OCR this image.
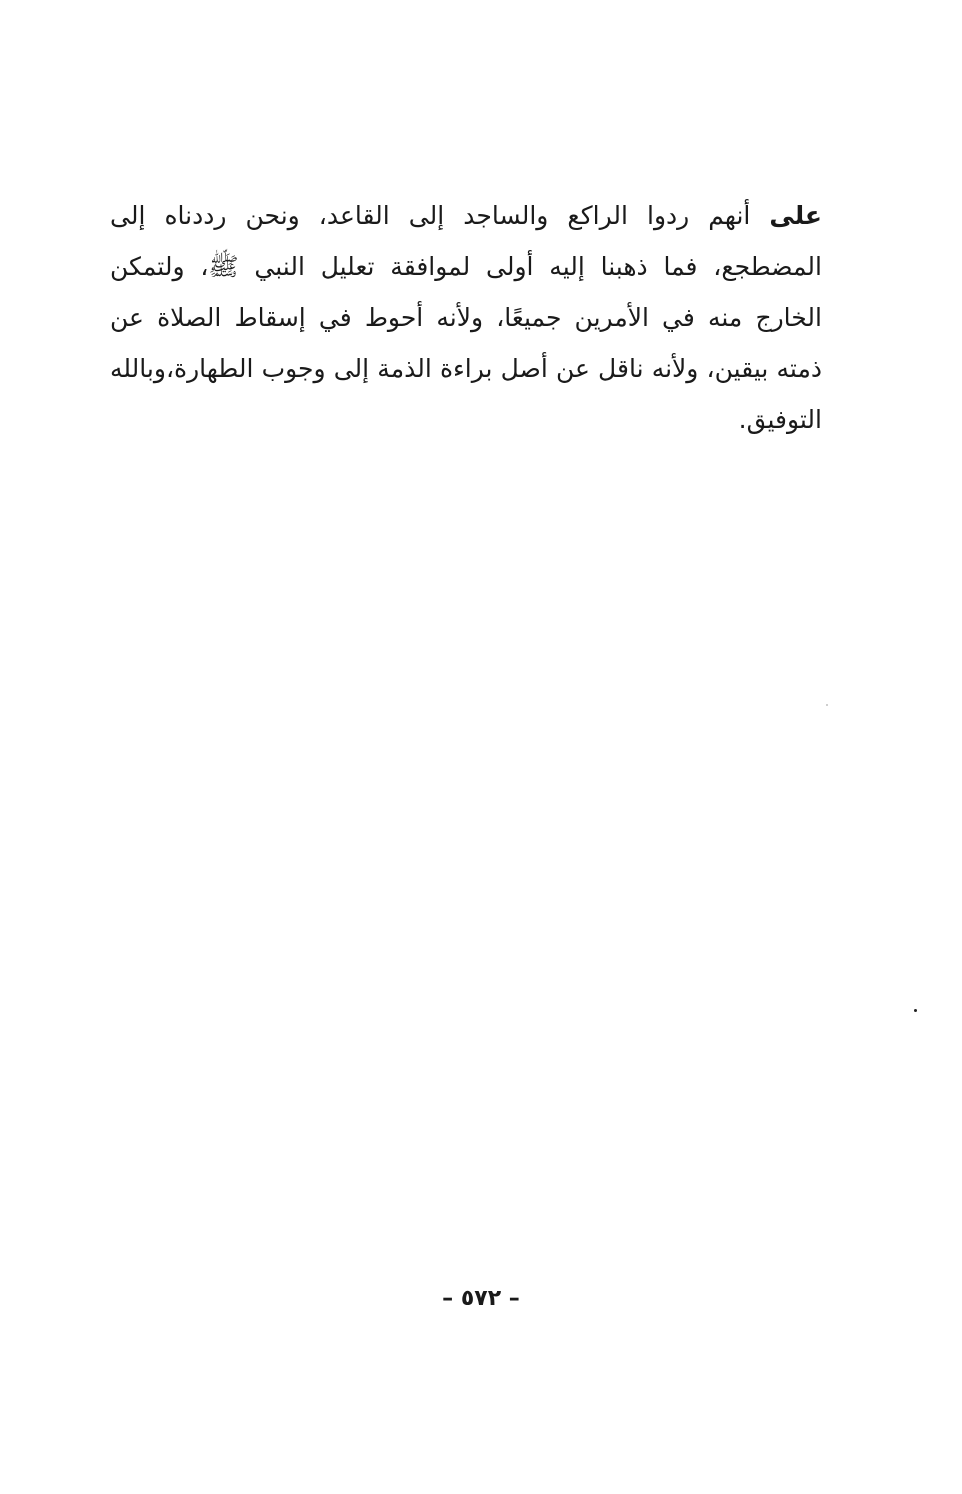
على أنهم ردوا الراكع والساجد إلى القاعد، ونحن رددناه إلى
المضطجع، فما ذهبنا إليه أولى لموافقة تعليل النبي ﷺ، ولتمكن
الخارج منه في الأمرين جميعًا، ولأنه أحوط في إسقاط الصلاة عن
ذمته بيقين، ولأنه ناقل عن أصل براءة الذمة إلى وجوب الطهارة،وبالله
التوفيق.
– ٥٧٢ –
